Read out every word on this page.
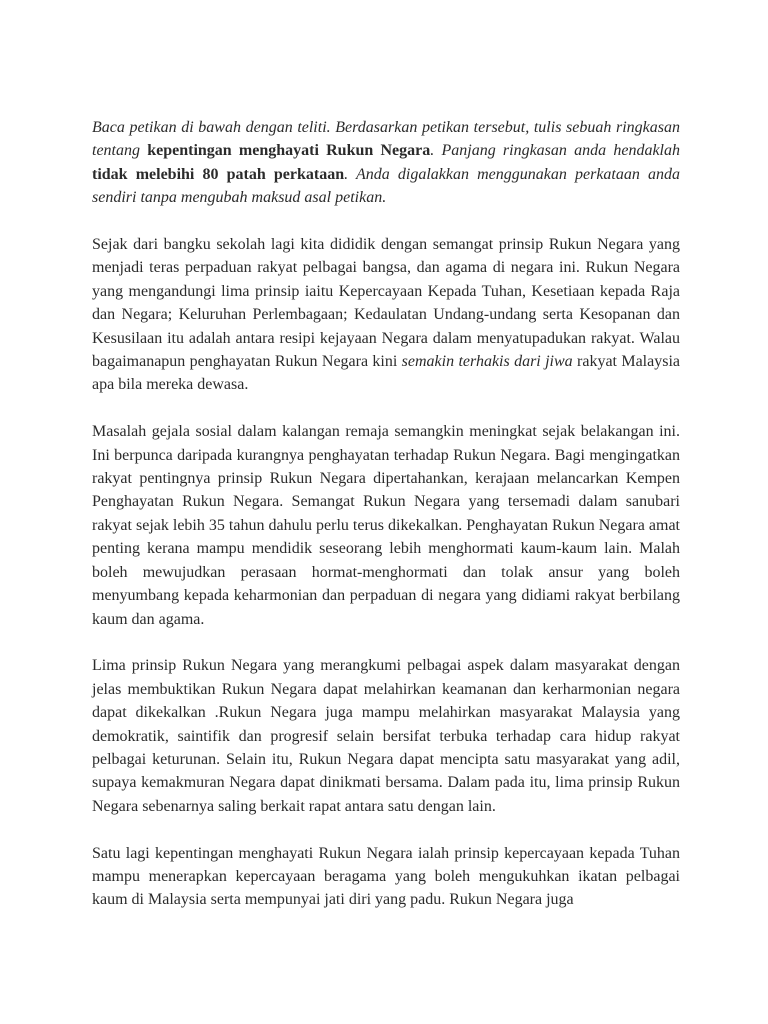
Baca petikan di bawah dengan teliti. Berdasarkan petikan tersebut, tulis sebuah ringkasan tentang kepentingan menghayati Rukun Negara. Panjang ringkasan anda hendaklah tidak melebihi 80 patah perkataan. Anda digalakkan menggunakan perkataan anda sendiri tanpa mengubah maksud asal petikan.

Sejak dari bangku sekolah lagi kita dididik dengan semangat prinsip Rukun Negara yang menjadi teras perpaduan rakyat pelbagai bangsa, dan agama di negara ini. Rukun Negara yang mengandungi lima prinsip iaitu Kepercayaan Kepada Tuhan, Kesetiaan kepada Raja dan Negara; Keluruhan Perlembagaan; Kedaulatan Undang-undang serta Kesopanan dan Kesusilaan itu adalah antara resipi kejayaan Negara dalam menyatupadukan rakyat. Walau bagaimanapun penghayatan Rukun Negara kini semakin terhakis dari jiwa rakyat Malaysia apa bila mereka dewasa.

Masalah gejala sosial dalam kalangan remaja semangkin meningkat sejak belakangan ini. Ini berpunca daripada kurangnya penghayatan terhadap Rukun Negara. Bagi mengingatkan rakyat pentingnya prinsip Rukun Negara dipertahankan, kerajaan melancarkan Kempen Penghayatan Rukun Negara. Semangat Rukun Negara yang tersemadi dalam sanubari rakyat sejak lebih 35 tahun dahulu perlu terus dikekalkan. Penghayatan Rukun Negara amat penting kerana mampu mendidik seseorang lebih menghormati kaum-kaum lain. Malah boleh mewujudkan perasaan hormat-menghormati dan tolak ansur yang boleh menyumbang kepada keharmonian dan perpaduan di negara yang didiami rakyat berbilang kaum dan agama.

Lima prinsip Rukun Negara yang merangkumi pelbagai aspek dalam masyarakat dengan jelas membuktikan Rukun Negara dapat melahirkan keamanan dan kerharmonian negara dapat dikekalkan .Rukun Negara juga mampu melahirkan masyarakat Malaysia yang demokratik, saintifik dan progresif selain bersifat terbuka terhadap cara hidup rakyat pelbagai keturunan. Selain itu, Rukun Negara dapat mencipta satu masyarakat yang adil, supaya kemakmuran Negara dapat dinikmati bersama. Dalam pada itu, lima prinsip Rukun Negara sebenarnya saling berkait rapat antara satu dengan lain.

Satu lagi kepentingan menghayati Rukun Negara ialah prinsip kepercayaan kepada Tuhan mampu menerapkan kepercayaan beragama yang boleh mengukuhkan ikatan pelbagai kaum di Malaysia serta mempunyai jati diri yang padu. Rukun Negara juga
